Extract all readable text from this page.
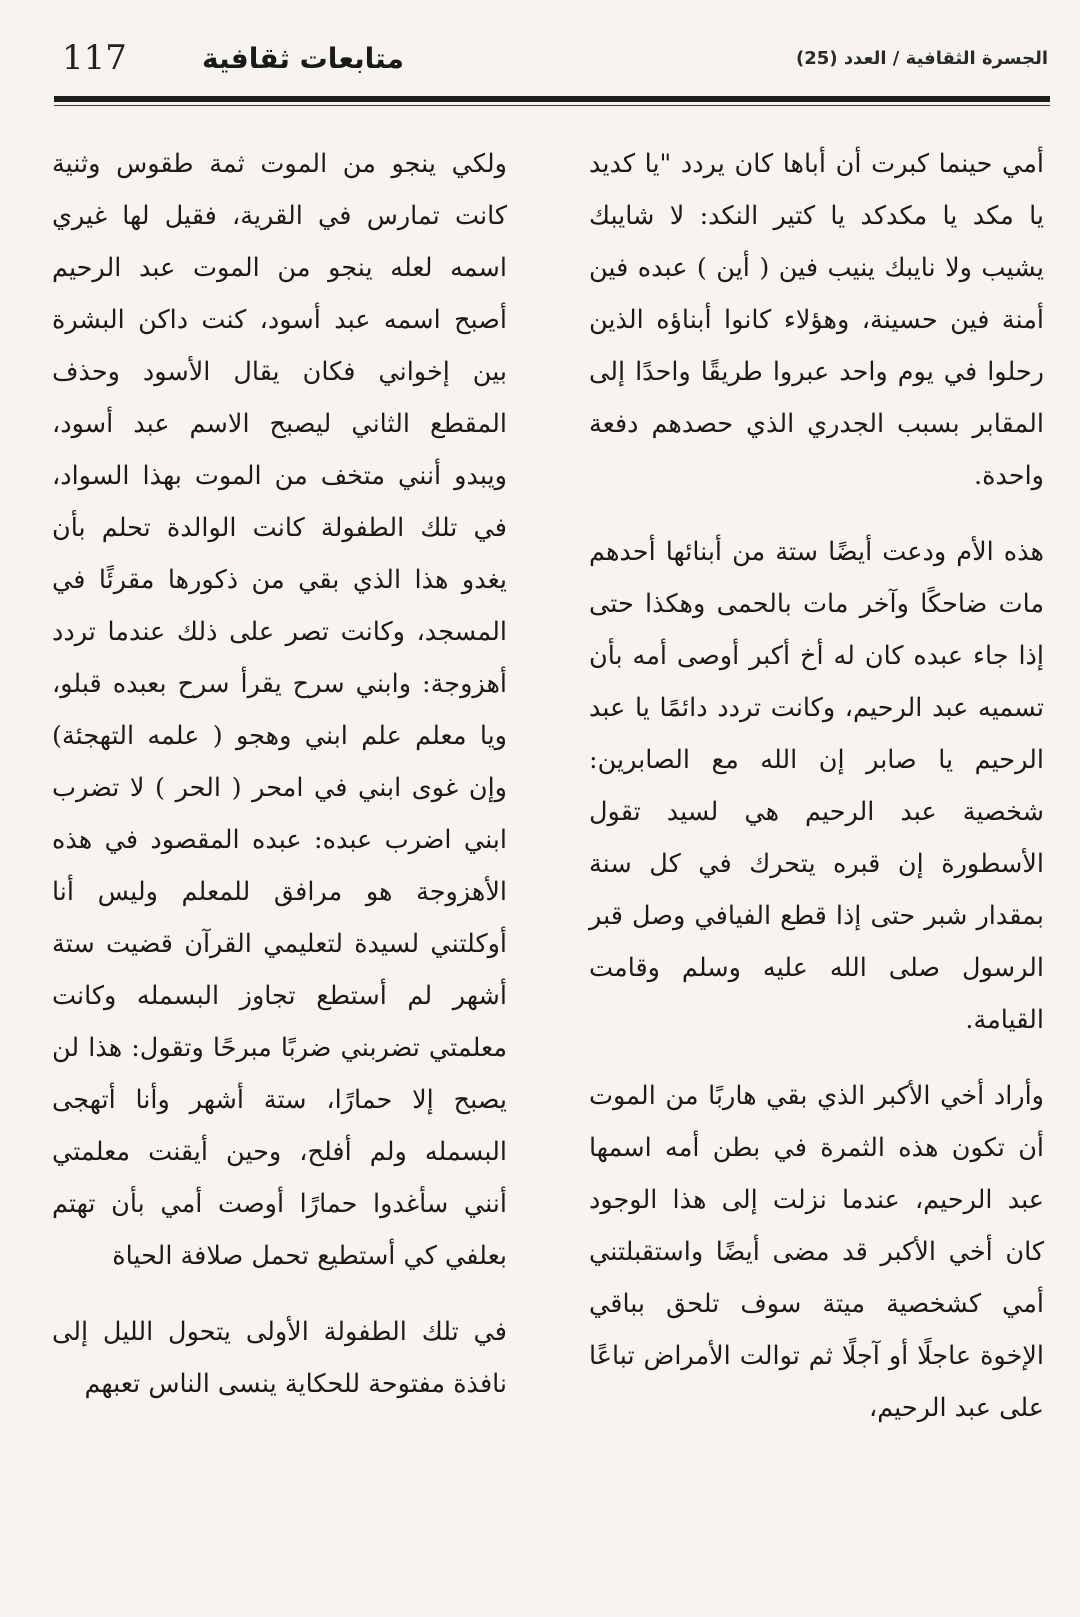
117	متابعات ثقافية	الجسرة الثقافية / العدد (25)

أمي حينما كبرت أن أباها كان يردد "يا كديد يا مكد يا مكدكد يا كتير النكد: لا شايبك يشيب ولا نايبك ينيب فين ( أين ) عبده فين أمنة فين حسينة، وهؤلاء كانوا أبناؤه الذين رحلوا في يوم واحد عبروا طريقًا واحدًا إلى المقابر بسبب الجدري الذي حصدهم دفعة واحدة.

هذه الأم ودعت أيضًا ستة من أبنائها أحدهم مات ضاحكًا وآخر مات بالحمى وهكذا حتى إذا جاء عبده كان له أخ أكبر أوصى أمه بأن تسميه عبد الرحيم، وكانت تردد دائمًا يا عبد الرحيم يا صابر إن الله مع الصابرين: شخصية عبد الرحيم هي لسيد تقول الأسطورة إن قبره يتحرك في كل سنة بمقدار شبر حتى إذا قطع الفيافي وصل قبر الرسول صلى الله عليه وسلم وقامت القيامة.

وأراد أخي الأكبر الذي بقي هاربًا من الموت أن تكون هذه الثمرة في بطن أمه اسمها عبد الرحيم، عندما نزلت إلى هذا الوجود كان أخي الأكبر قد مضى أيضًا واستقبلتني أمي كشخصية ميتة سوف تلحق بباقي الإخوة عاجلًا أو آجلًا ثم توالت الأمراض تباعًا على عبد الرحيم،

ولكي ينجو من الموت ثمة طقوس وثنية كانت تمارس في القرية، فقيل لها غيري اسمه لعله ينجو من الموت عبد الرحيم أصبح اسمه عبد أسود، كنت داكن البشرة بين إخواني فكان يقال الأسود وحذف المقطع الثاني ليصبح الاسم عبد أسود، ويبدو أنني متخف من الموت بهذا السواد، في تلك الطفولة كانت الوالدة تحلم بأن يغدو هذا الذي بقي من ذكورها مقرئًا في المسجد، وكانت تصر على ذلك عندما تردد أهزوجة: وابني سرح يقرأ سرح بعبده قبلو، ويا معلم علم ابني وهجو ( علمه التهجئة) وإن غوى ابني في امحر ( الحر ) لا تضرب ابني اضرب عبده: عبده المقصود في هذه الأهزوجة هو مرافق للمعلم وليس أنا أوكلتني لسيدة لتعليمي القرآن قضيت ستة أشهر لم أستطع تجاوز البسمله وكانت معلمتي تضربني ضربًا مبرحًا وتقول: هذا لن يصبح إلا حمارًا، ستة أشهر وأنا أتهجى البسمله ولم أفلح، وحين أيقنت معلمتي أنني سأغدوا حمارًا أوصت أمي بأن تهتم بعلفي كي أستطيع تحمل صلافة الحياة

في تلك الطفولة الأولى يتحول الليل إلى نافذة مفتوحة للحكاية ينسى الناس تعبهم
